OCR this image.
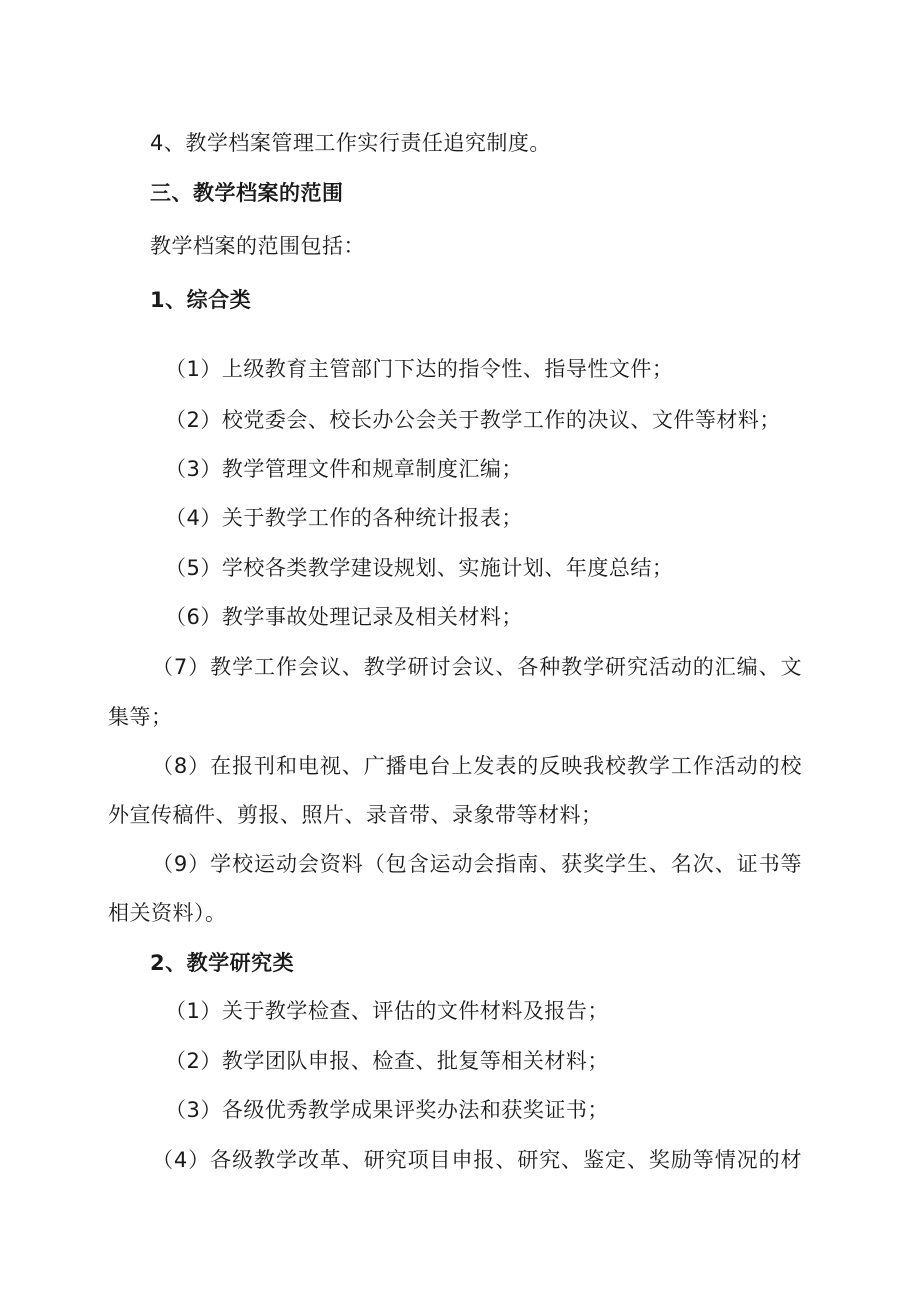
4、教学档案管理工作实行责任追究制度。
三、教学档案的范围
教学档案的范围包括：
1、综合类
（1）上级教育主管部门下达的指令性、指导性文件；
（2）校党委会、校长办公会关于教学工作的决议、文件等材料；
（3）教学管理文件和规章制度汇编；
（4）关于教学工作的各种统计报表；
（5）学校各类教学建设规划、实施计划、年度总结；
（6）教学事故处理记录及相关材料；
（7）教学工作会议、教学研讨会议、各种教学研究活动的汇编、文
集等；
（8）在报刊和电视、广播电台上发表的反映我校教学工作活动的校
外宣传稿件、剪报、照片、录音带、录象带等材料；
（9）学校运动会资料（包含运动会指南、获奖学生、名次、证书等
相关资料）。
2、教学研究类
（1）关于教学检查、评估的文件材料及报告；
（2）教学团队申报、检查、批复等相关材料；
（3）各级优秀教学成果评奖办法和获奖证书；
（4）各级教学改革、研究项目申报、研究、鉴定、奖励等情况的材
